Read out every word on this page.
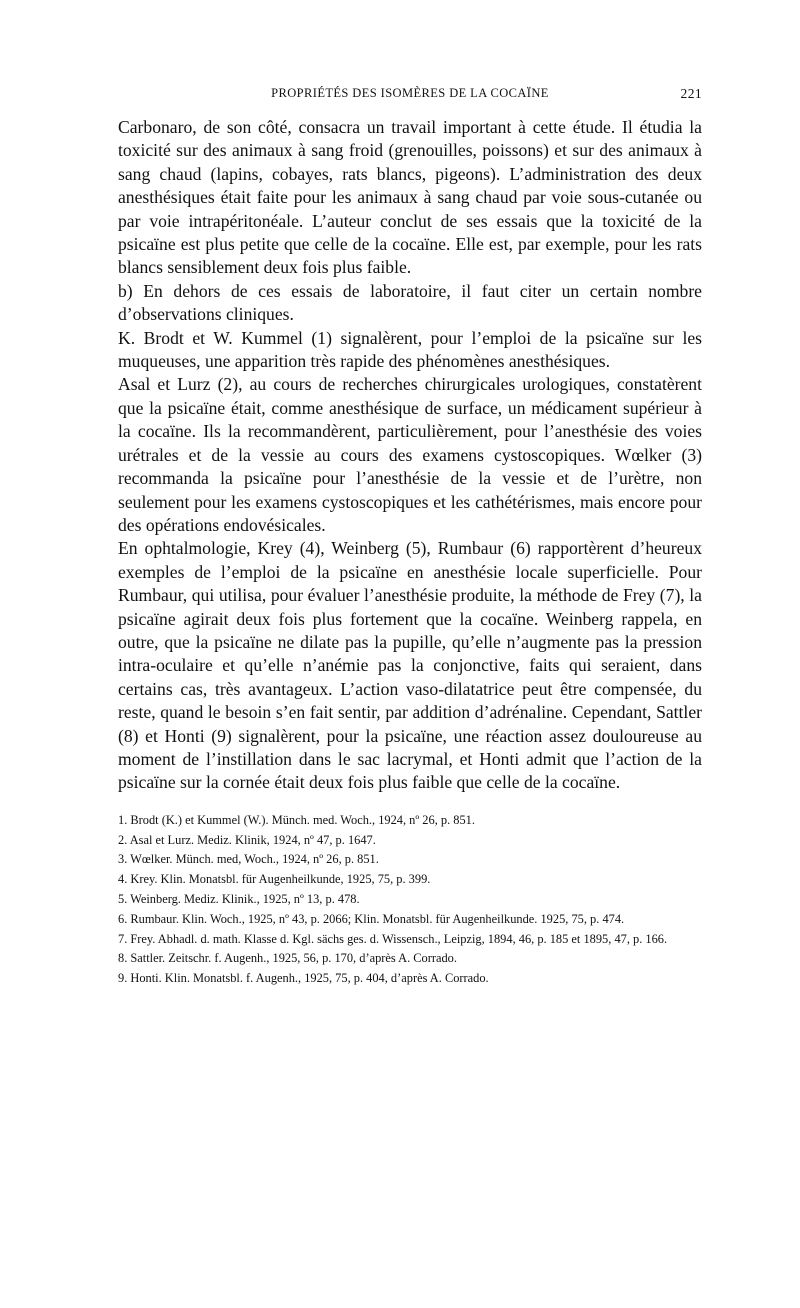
PROPRIÉTÉS DES ISOMÈRES DE LA COCAÏNE	221

Carbonaro, de son côté, consacra un travail important à cette étude. Il étudia la toxicité sur des animaux à sang froid (grenouilles, poissons) et sur des animaux à sang chaud (lapins, cobayes, rats blancs, pigeons). L’administration des deux anesthésiques était faite pour les animaux à sang chaud par voie sous-cutanée ou par voie intrapéritonéale. L’auteur conclut de ses essais que la toxicité de la psicaïne est plus petite que celle de la cocaïne. Elle est, par exemple, pour les rats blancs sensiblement deux fois plus faible.

b) En dehors de ces essais de laboratoire, il faut citer un certain nombre d’observations cliniques.

K. Brodt et W. Kummel (1) signalèrent, pour l’emploi de la psicaïne sur les muqueuses, une apparition très rapide des phénomènes anesthésiques.

Asal et Lurz (2), au cours de recherches chirurgicales urologiques, constatèrent que la psicaïne était, comme anesthésique de surface, un médicament supérieur à la cocaïne. Ils la recommandèrent, particulièrement, pour l’anesthésie des voies urétrales et de la vessie au cours des examens cystoscopiques. Wœlker (3) recommanda la psicaïne pour l’anesthésie de la vessie et de l’urètre, non seulement pour les examens cystoscopiques et les cathétérismes, mais encore pour des opérations endovésicales.

En ophtalmologie, Krey (4), Weinberg (5), Rumbaur (6) rapportèrent d’heureux exemples de l’emploi de la psicaïne en anesthésie locale superficielle. Pour Rumbaur, qui utilisa, pour évaluer l’anesthésie produite, la méthode de Frey (7), la psicaïne agirait deux fois plus fortement que la cocaïne. Weinberg rappela, en outre, que la psicaïne ne dilate pas la pupille, qu’elle n’augmente pas la pression intra-oculaire et qu’elle n’anémie pas la conjonctive, faits qui seraient, dans certains cas, très avantageux. L’action vaso-dilatatrice peut être compensée, du reste, quand le besoin s’en fait sentir, par addition d’adrénaline. Cependant, Sattler (8) et Honti (9) signalèrent, pour la psicaïne, une réaction assez douloureuse au moment de l’instillation dans le sac lacrymal, et Honti admit que l’action de la psicaïne sur la cornée était deux fois plus faible que celle de la cocaïne.

1. Brodt (K.) et Kummel (W.). Münch. med. Woch., 1924, nº 26, p. 851.

2. Asal et Lurz. Mediz. Klinik, 1924, nº 47, p. 1647.

3. Wœlker. Münch. med, Woch., 1924, nº 26, p. 851.

4. Krey. Klin. Monatsbl. für Augenheilkunde, 1925, 75, p. 399.

5. Weinberg. Mediz. Klinik., 1925, nº 13, p. 478.

6. Rumbaur. Klin. Woch., 1925, nº 43, p. 2066; Klin. Monatsbl. für Augenheilkunde. 1925, 75, p. 474.

7. Frey. Abhadl. d. math. Klasse d. Kgl. sächs ges. d. Wissensch., Leipzig, 1894, 46, p. 185 et 1895, 47, p. 166.

8. Sattler. Zeitschr. f. Augenh., 1925, 56, p. 170, d’après A. Corrado.

9. Honti. Klin. Monatsbl. f. Augenh., 1925, 75, p. 404, d’après A. Corrado.
